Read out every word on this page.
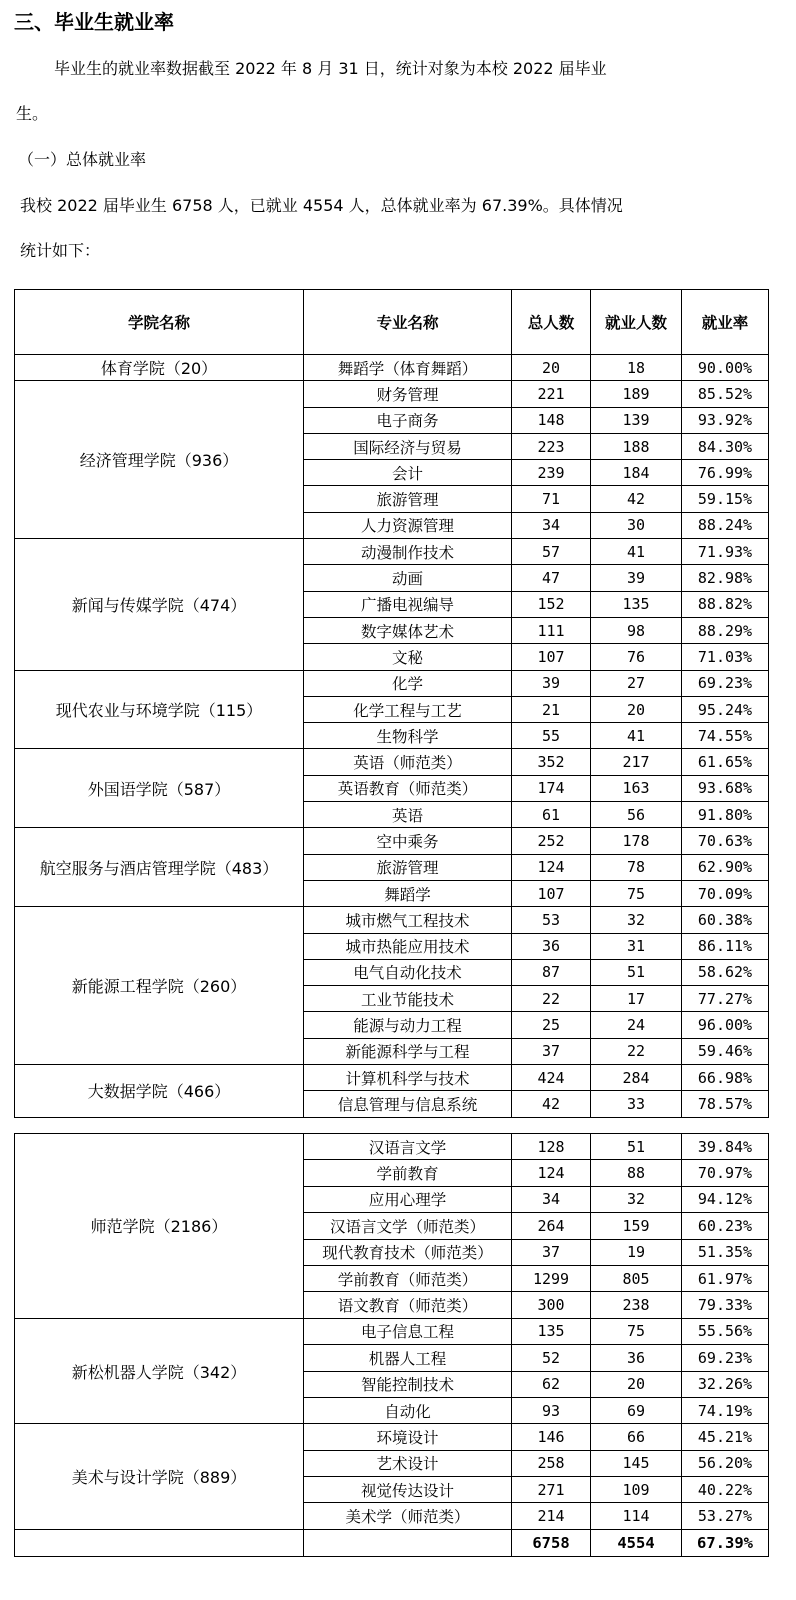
三、毕业生就业率
毕业生的就业率数据截至 2022 年 8 月 31 日，统计对象为本校 2022 届毕业
生。
（一）总体就业率
我校 2022 届毕业生 6758 人，已就业 4554 人，总体就业率为 67.39%。具体情况
统计如下：
学院名称	专业名称	总人数	就业人数	就业率
体育学院（20）	舞蹈学（体育舞蹈）	20	18	90.00%
经济管理学院（936）	财务管理	221	189	85.52%
	电子商务	148	139	93.92%
	国际经济与贸易	223	188	84.30%
	会计	239	184	76.99%
	旅游管理	71	42	59.15%
	人力资源管理	34	30	88.24%
新闻与传媒学院（474）	动漫制作技术	57	41	71.93%
	动画	47	39	82.98%
	广播电视编导	152	135	88.82%
	数字媒体艺术	111	98	88.29%
	文秘	107	76	71.03%
现代农业与环境学院（115）	化学	39	27	69.23%
	化学工程与工艺	21	20	95.24%
	生物科学	55	41	74.55%
外国语学院（587）	英语（师范类）	352	217	61.65%
	英语教育（师范类）	174	163	93.68%
	英语	61	56	91.80%
航空服务与酒店管理学院（483）	空中乘务	252	178	70.63%
	旅游管理	124	78	62.90%
	舞蹈学	107	75	70.09%
新能源工程学院（260）	城市燃气工程技术	53	32	60.38%
	城市热能应用技术	36	31	86.11%
	电气自动化技术	87	51	58.62%
	工业节能技术	22	17	77.27%
	能源与动力工程	25	24	96.00%
	新能源科学与工程	37	22	59.46%
大数据学院（466）	计算机科学与技术	424	284	66.98%
	信息管理与信息系统	42	33	78.57%
师范学院（2186）	汉语言文学	128	51	39.84%
	学前教育	124	88	70.97%
	应用心理学	34	32	94.12%
	汉语言文学（师范类）	264	159	60.23%
	现代教育技术（师范类）	37	19	51.35%
	学前教育（师范类）	1299	805	61.97%
	语文教育（师范类）	300	238	79.33%
新松机器人学院（342）	电子信息工程	135	75	55.56%
	机器人工程	52	36	69.23%
	智能控制技术	62	20	32.26%
	自动化	93	69	74.19%
美术与设计学院（889）	环境设计	146	66	45.21%
	艺术设计	258	145	56.20%
	视觉传达设计	271	109	40.22%
	美术学（师范类）	214	114	53.27%
		6758	4554	67.39%
